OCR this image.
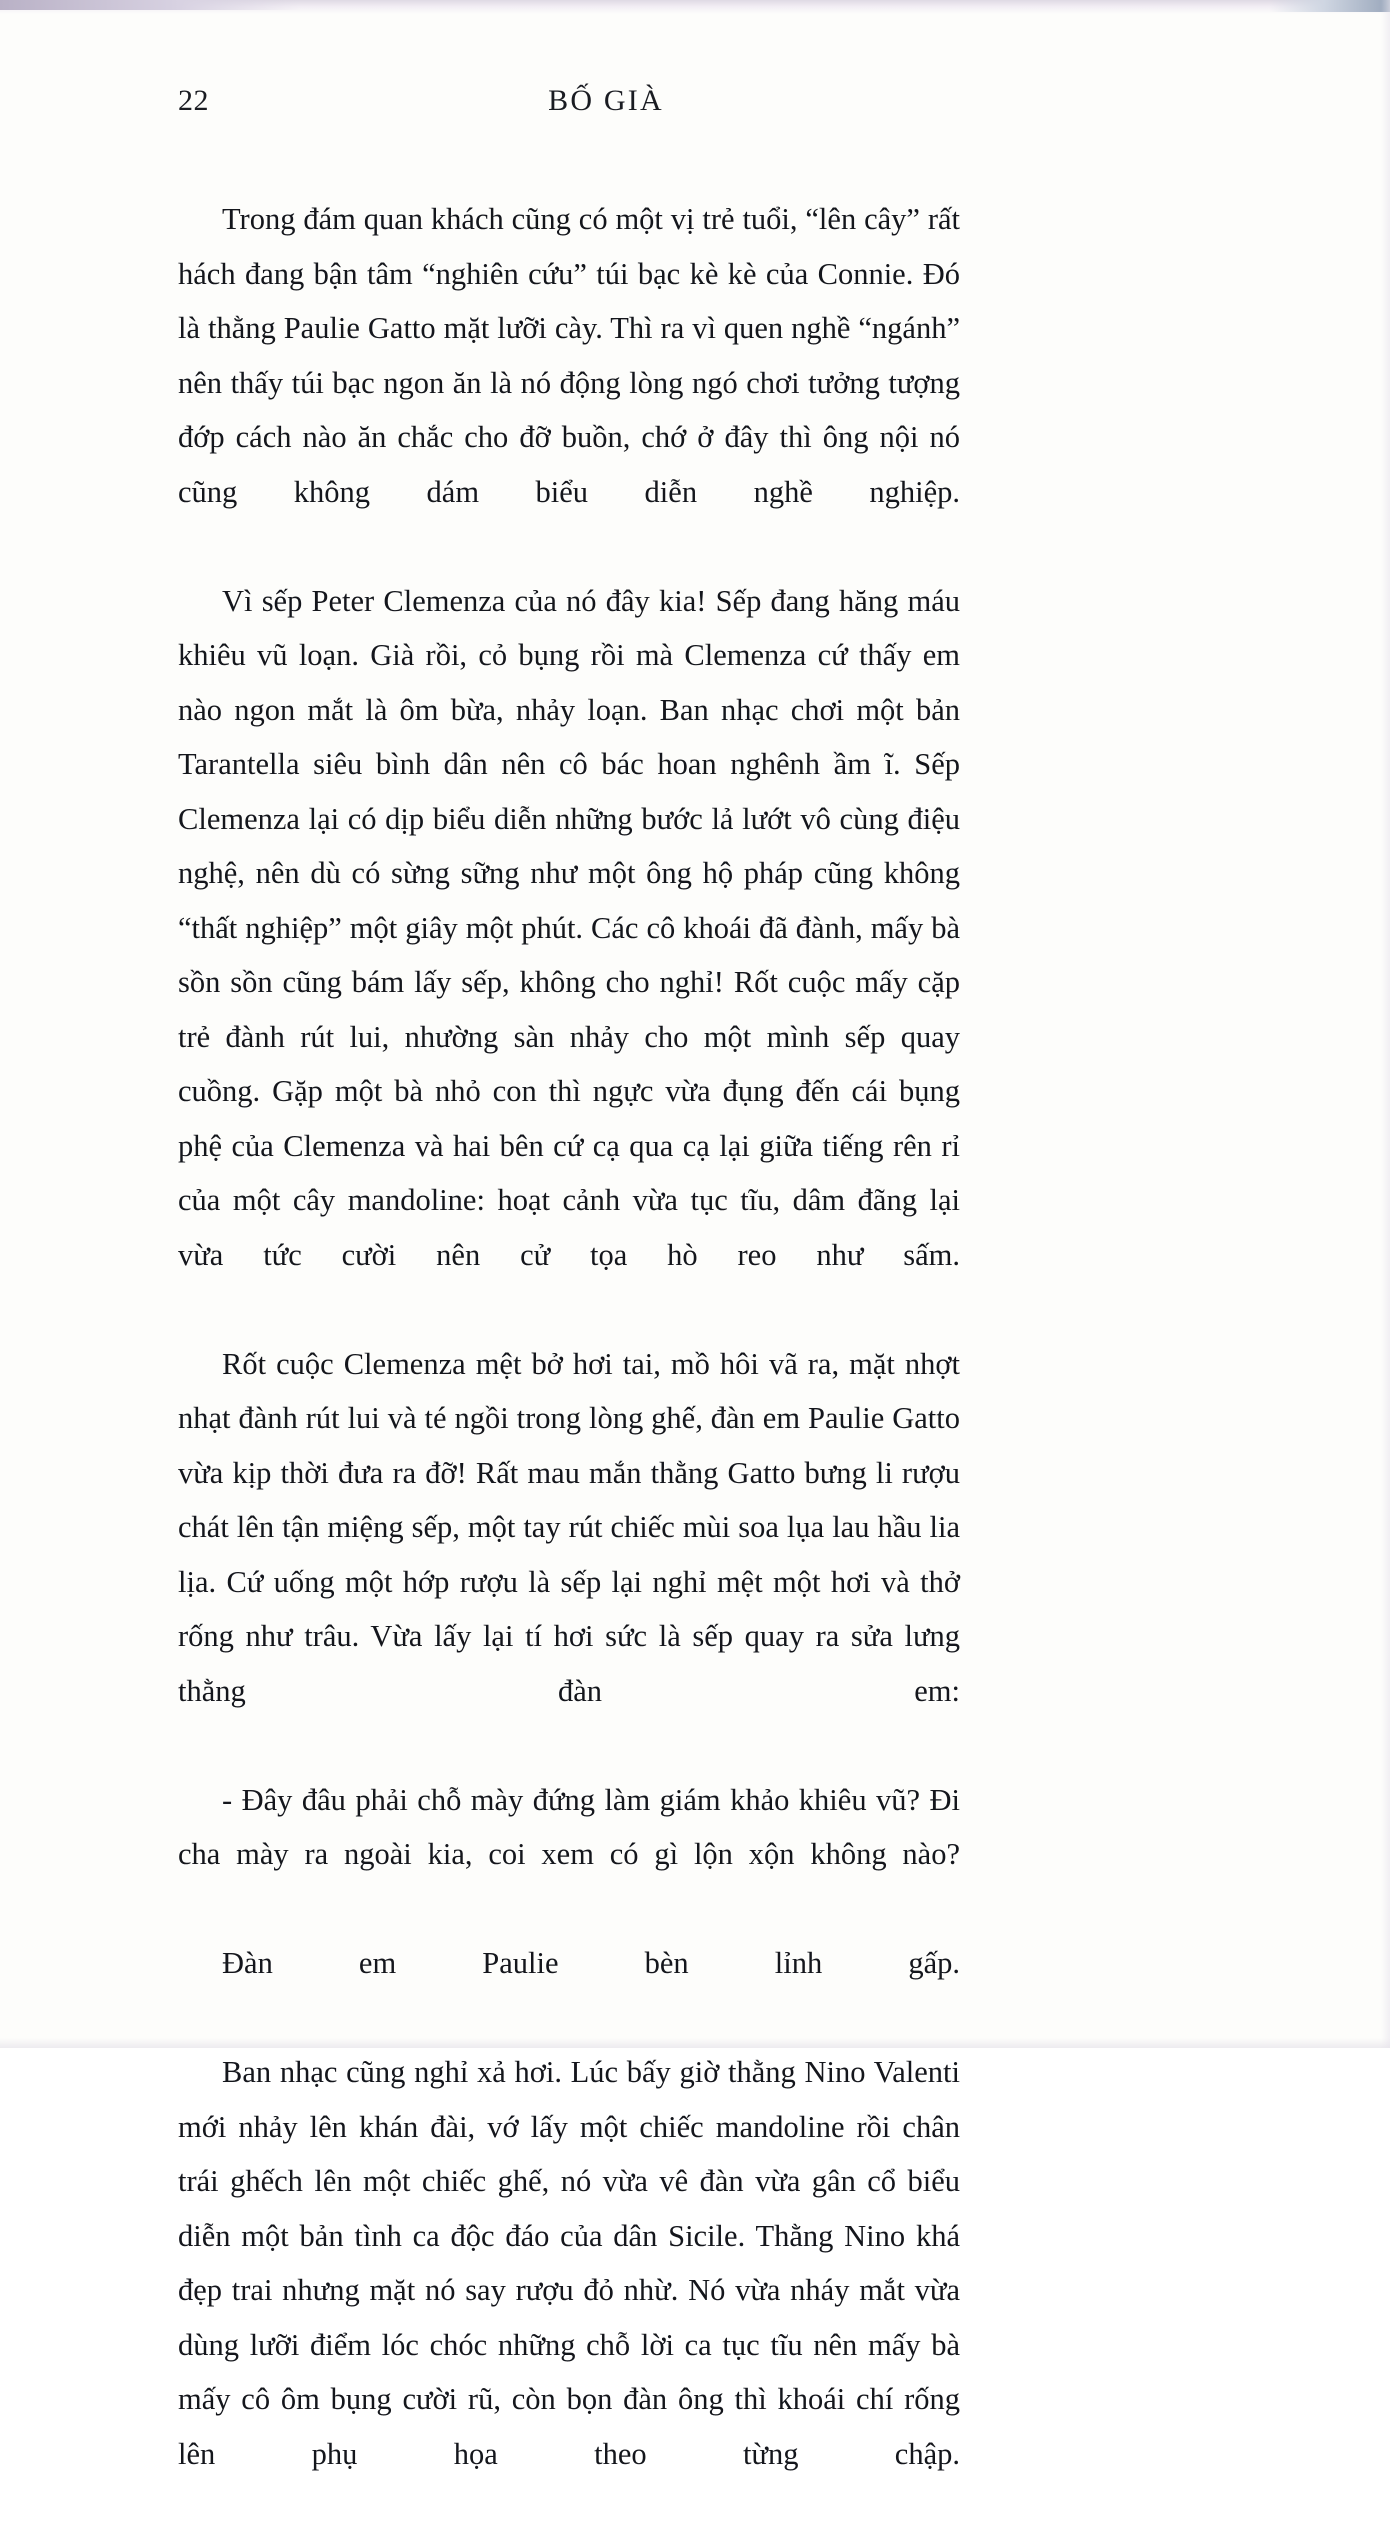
22	BỐ GIÀ

Trong đám quan khách cũng có một vị trẻ tuổi, “lên cây” rất hách đang bận tâm “nghiên cứu” túi bạc kè kè của Connie. Đó là thằng Paulie Gatto mặt lưỡi cày. Thì ra vì quen nghề “ngánh” nên thấy túi bạc ngon ăn là nó động lòng ngó chơi tưởng tượng đớp cách nào ăn chắc cho đỡ buồn, chớ ở đây thì ông nội nó cũng không dám biểu diễn nghề nghiệp.

Vì sếp Peter Clemenza của nó đây kia! Sếp đang hăng máu khiêu vũ loạn. Già rồi, cỏ bụng rồi mà Clemenza cứ thấy em nào ngon mắt là ôm bừa, nhảy loạn. Ban nhạc chơi một bản Tarantella siêu bình dân nên cô bác hoan nghênh ầm ĩ. Sếp Clemenza lại có dịp biểu diễn những bước lả lướt vô cùng điệu nghệ, nên dù có sừng sững như một ông hộ pháp cũng không “thất nghiệp” một giây một phút. Các cô khoái đã đành, mấy bà sồn sồn cũng bám lấy sếp, không cho nghỉ! Rốt cuộc mấy cặp trẻ đành rút lui, nhường sàn nhảy cho một mình sếp quay cuồng. Gặp một bà nhỏ con thì ngực vừa đụng đến cái bụng phệ của Clemenza và hai bên cứ cạ qua cạ lại giữa tiếng rên rỉ của một cây mandoline: hoạt cảnh vừa tục tĩu, dâm đãng lại vừa tức cười nên cử tọa hò reo như sấm.

Rốt cuộc Clemenza mệt bở hơi tai, mồ hôi vã ra, mặt nhợt nhạt đành rút lui và té ngồi trong lòng ghế, đàn em Paulie Gatto vừa kịp thời đưa ra đỡ! Rất mau mắn thằng Gatto bưng li rượu chát lên tận miệng sếp, một tay rút chiếc mùi soa lụa lau hầu lia lịa. Cứ uống một hớp rượu là sếp lại nghỉ mệt một hơi và thở rống như trâu. Vừa lấy lại tí hơi sức là sếp quay ra sửa lưng thằng đàn em:

- Đây đâu phải chỗ mày đứng làm giám khảo khiêu vũ? Đi cha mày ra ngoài kia, coi xem có gì lộn xộn không nào?

Đàn em Paulie bèn lỉnh gấp.

Ban nhạc cũng nghỉ xả hơi. Lúc bấy giờ thằng Nino Valenti mới nhảy lên khán đài, vớ lấy một chiếc mandoline rồi chân trái ghếch lên một chiếc ghế, nó vừa vê đàn vừa gân cổ biểu diễn một bản tình ca độc đáo của dân Sicile. Thằng Nino khá đẹp trai nhưng mặt nó say rượu đỏ nhừ. Nó vừa nháy mắt vừa dùng lưỡi điểm lóc chóc những chỗ lời ca tục tĩu nên mấy bà mấy cô ôm bụng cười rũ, còn bọn đàn ông thì khoái chí rống lên phụ họa theo từng chập.
